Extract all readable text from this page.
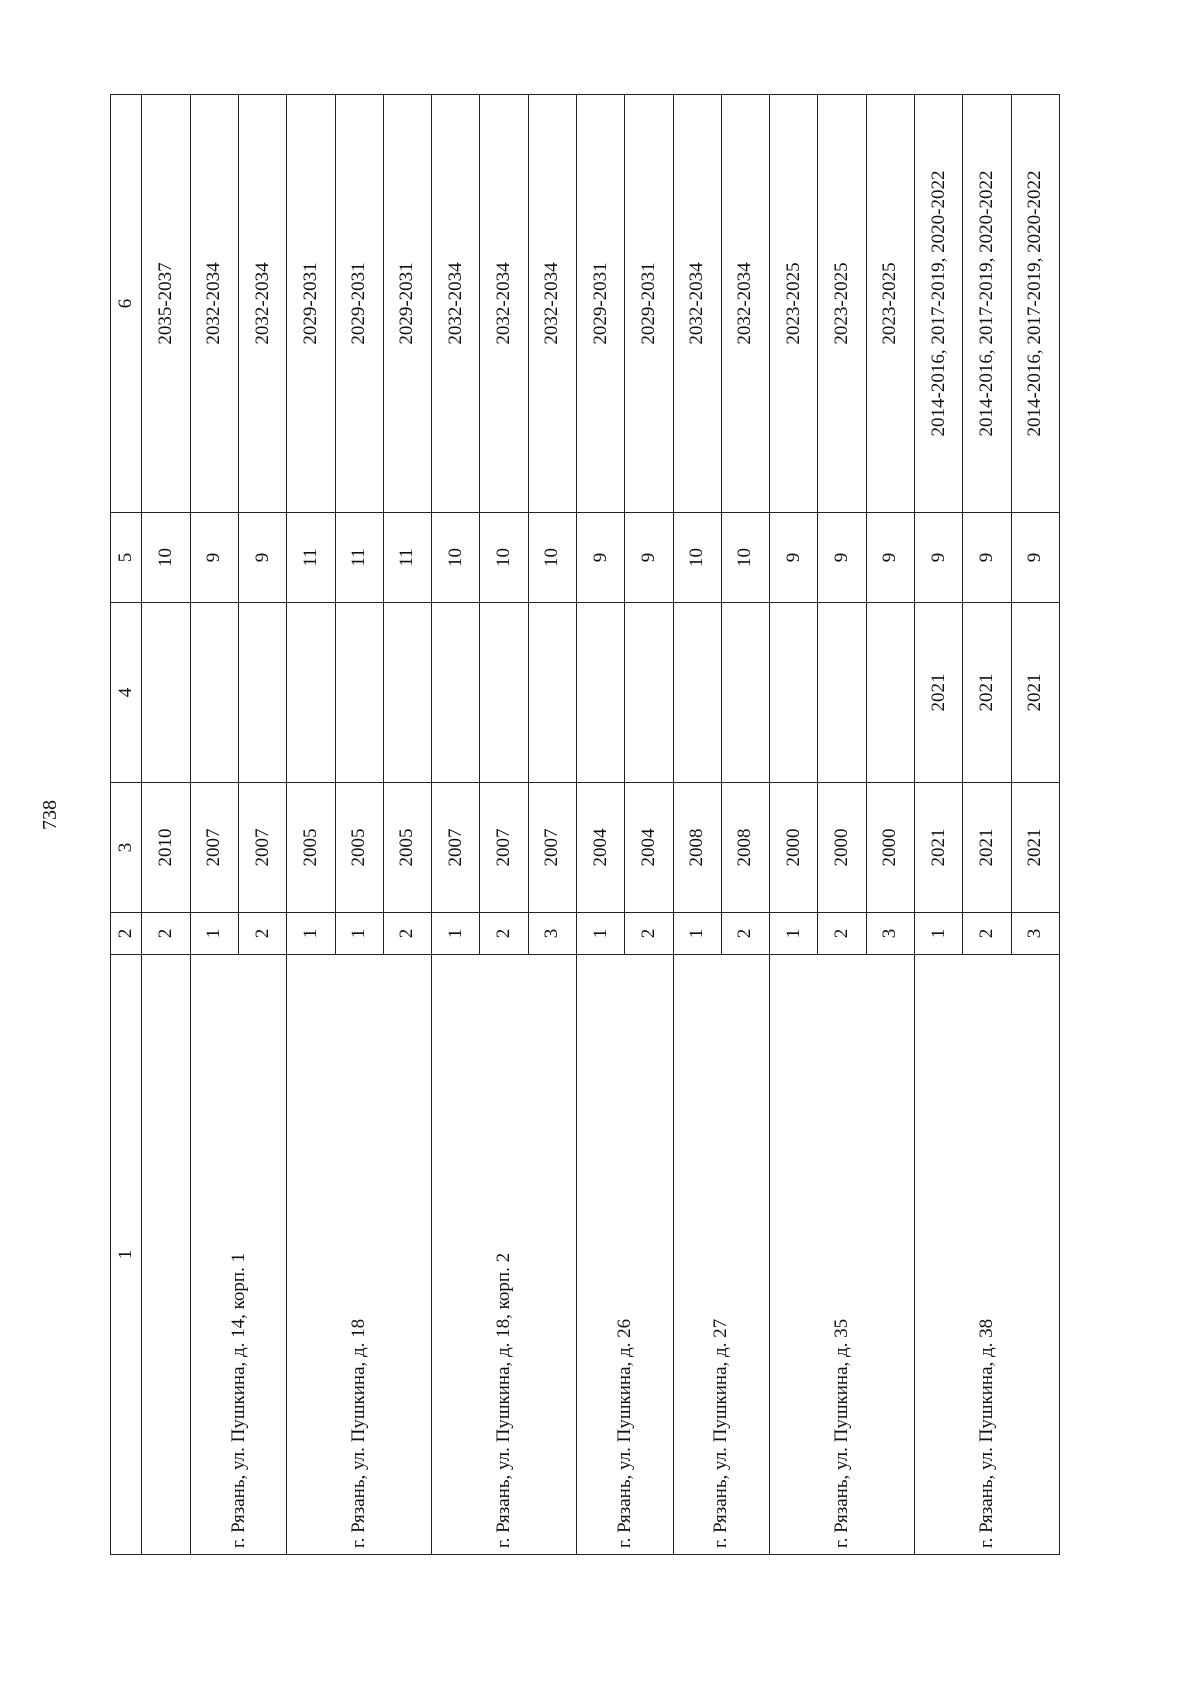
738
1	2	3	4	5	6
	2	2010		10	2035-2037
г. Рязань, ул. Пушкина, д. 14, корп. 1	1	2007		9	2032-2034
	2	2007		9	2032-2034
г. Рязань, ул. Пушкина, д. 18	1	2005		11	2029-2031
	1	2005		11	2029-2031
	2	2005		11	2029-2031
г. Рязань, ул. Пушкина, д. 18, корп. 2	1	2007		10	2032-2034
	2	2007		10	2032-2034
	3	2007		10	2032-2034
г. Рязань, ул. Пушкина, д. 26	1	2004		9	2029-2031
	2	2004		9	2029-2031
г. Рязань, ул. Пушкина, д. 27	1	2008		10	2032-2034
	2	2008		10	2032-2034
г. Рязань, ул. Пушкина, д. 35	1	2000		9	2023-2025
	2	2000		9	2023-2025
	3	2000		9	2023-2025
г. Рязань, ул. Пушкина, д. 38	1	2021	2021	9	2014-2016, 2017-2019, 2020-2022
	2	2021	2021	9	2014-2016, 2017-2019, 2020-2022
	3	2021	2021	9	2014-2016, 2017-2019, 2020-2022
